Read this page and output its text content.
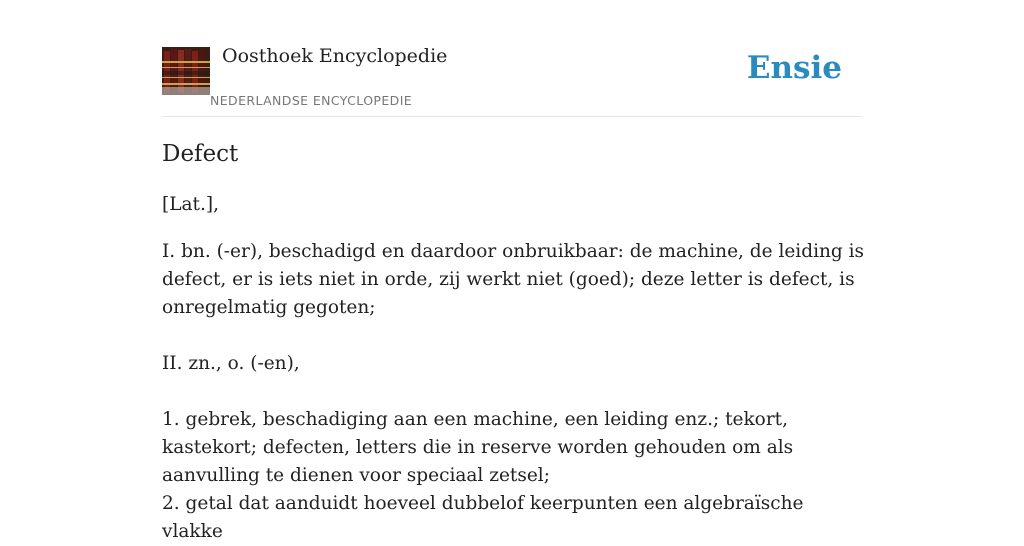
Oosthoek Encyclopedie
NEDERLANDSE ENCYCLOPEDIE
Ensie
Defect

[Lat.],

I. bn. (-er), beschadigd en daardoor onbruikbaar: de machine, de leiding is defect, er is iets niet in orde, zij werkt niet (goed); deze letter is defect, is onregelmatig gegoten;

II. zn., o. (-en),

1. gebrek, beschadiging aan een machine, een leiding enz.; tekort, kastekort; defecten, letters die in reserve worden gehouden om als aanvulling te dienen voor speciaal zetsel;
2. getal dat aanduidt hoeveel dubbelof keerpunten een algebraïsche vlakke
